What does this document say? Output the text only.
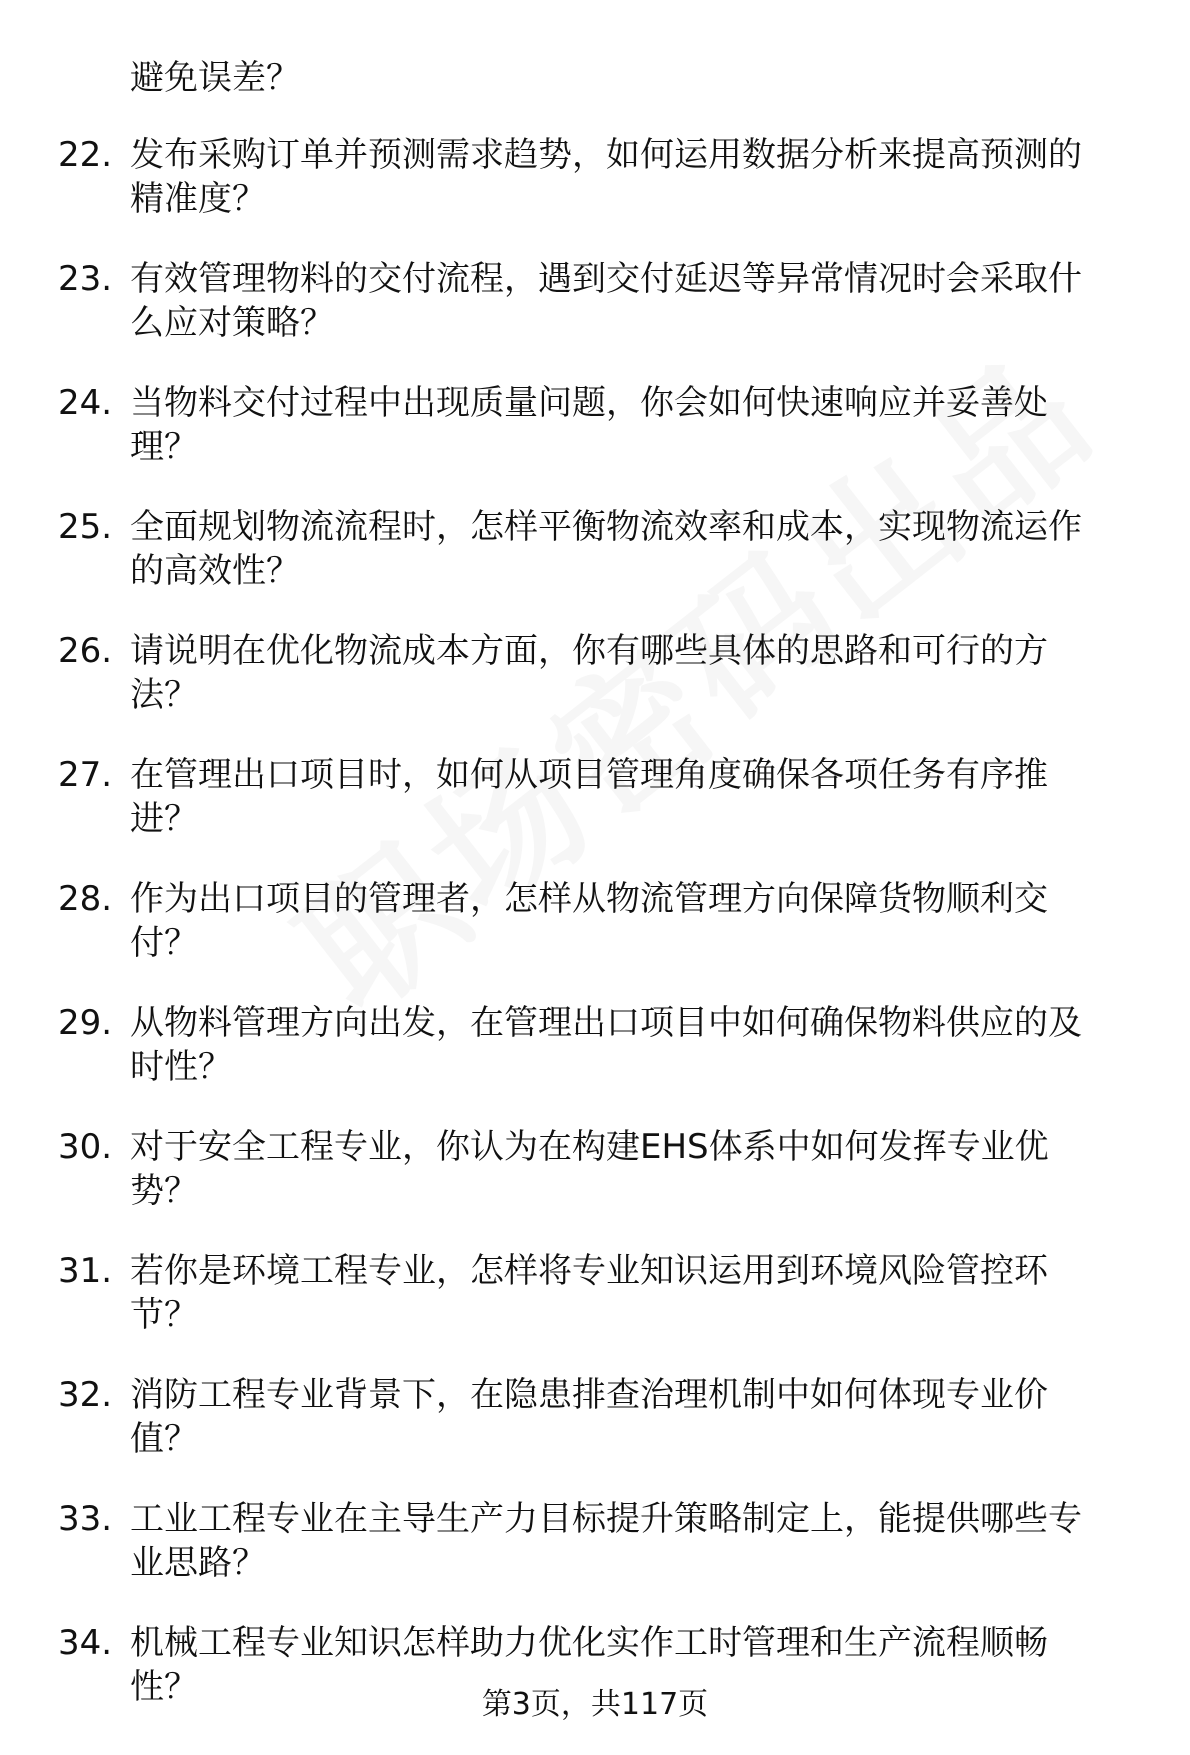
避免误差？
22. 发布采购订单并预测需求趋势，如何运用数据分析来提高预测的
精准度？
23. 有效管理物料的交付流程，遇到交付延迟等异常情况时会采取什
么应对策略？
24. 当物料交付过程中出现质量问题，你会如何快速响应并妥善处
理？
25. 全面规划物流流程时，怎样平衡物流效率和成本，实现物流运作
的高效性？
26. 请说明在优化物流成本方面，你有哪些具体的思路和可行的方
法？
27. 在管理出口项目时，如何从项目管理角度确保各项任务有序推
进？
28. 作为出口项目的管理者，怎样从物流管理方向保障货物顺利交
付？
29. 从物料管理方向出发，在管理出口项目中如何确保物料供应的及
时性？
30. 对于安全工程专业，你认为在构建EHS体系中如何发挥专业优
势？
31. 若你是环境工程专业，怎样将专业知识运用到环境风险管控环
节？
32. 消防工程专业背景下，在隐患排查治理机制中如何体现专业价
值？
33. 工业工程专业在主导生产力目标提升策略制定上，能提供哪些专
业思路？
34. 机械工程专业知识怎样助力优化实作工时管理和生产流程顺畅
性？	第3页，共117页
